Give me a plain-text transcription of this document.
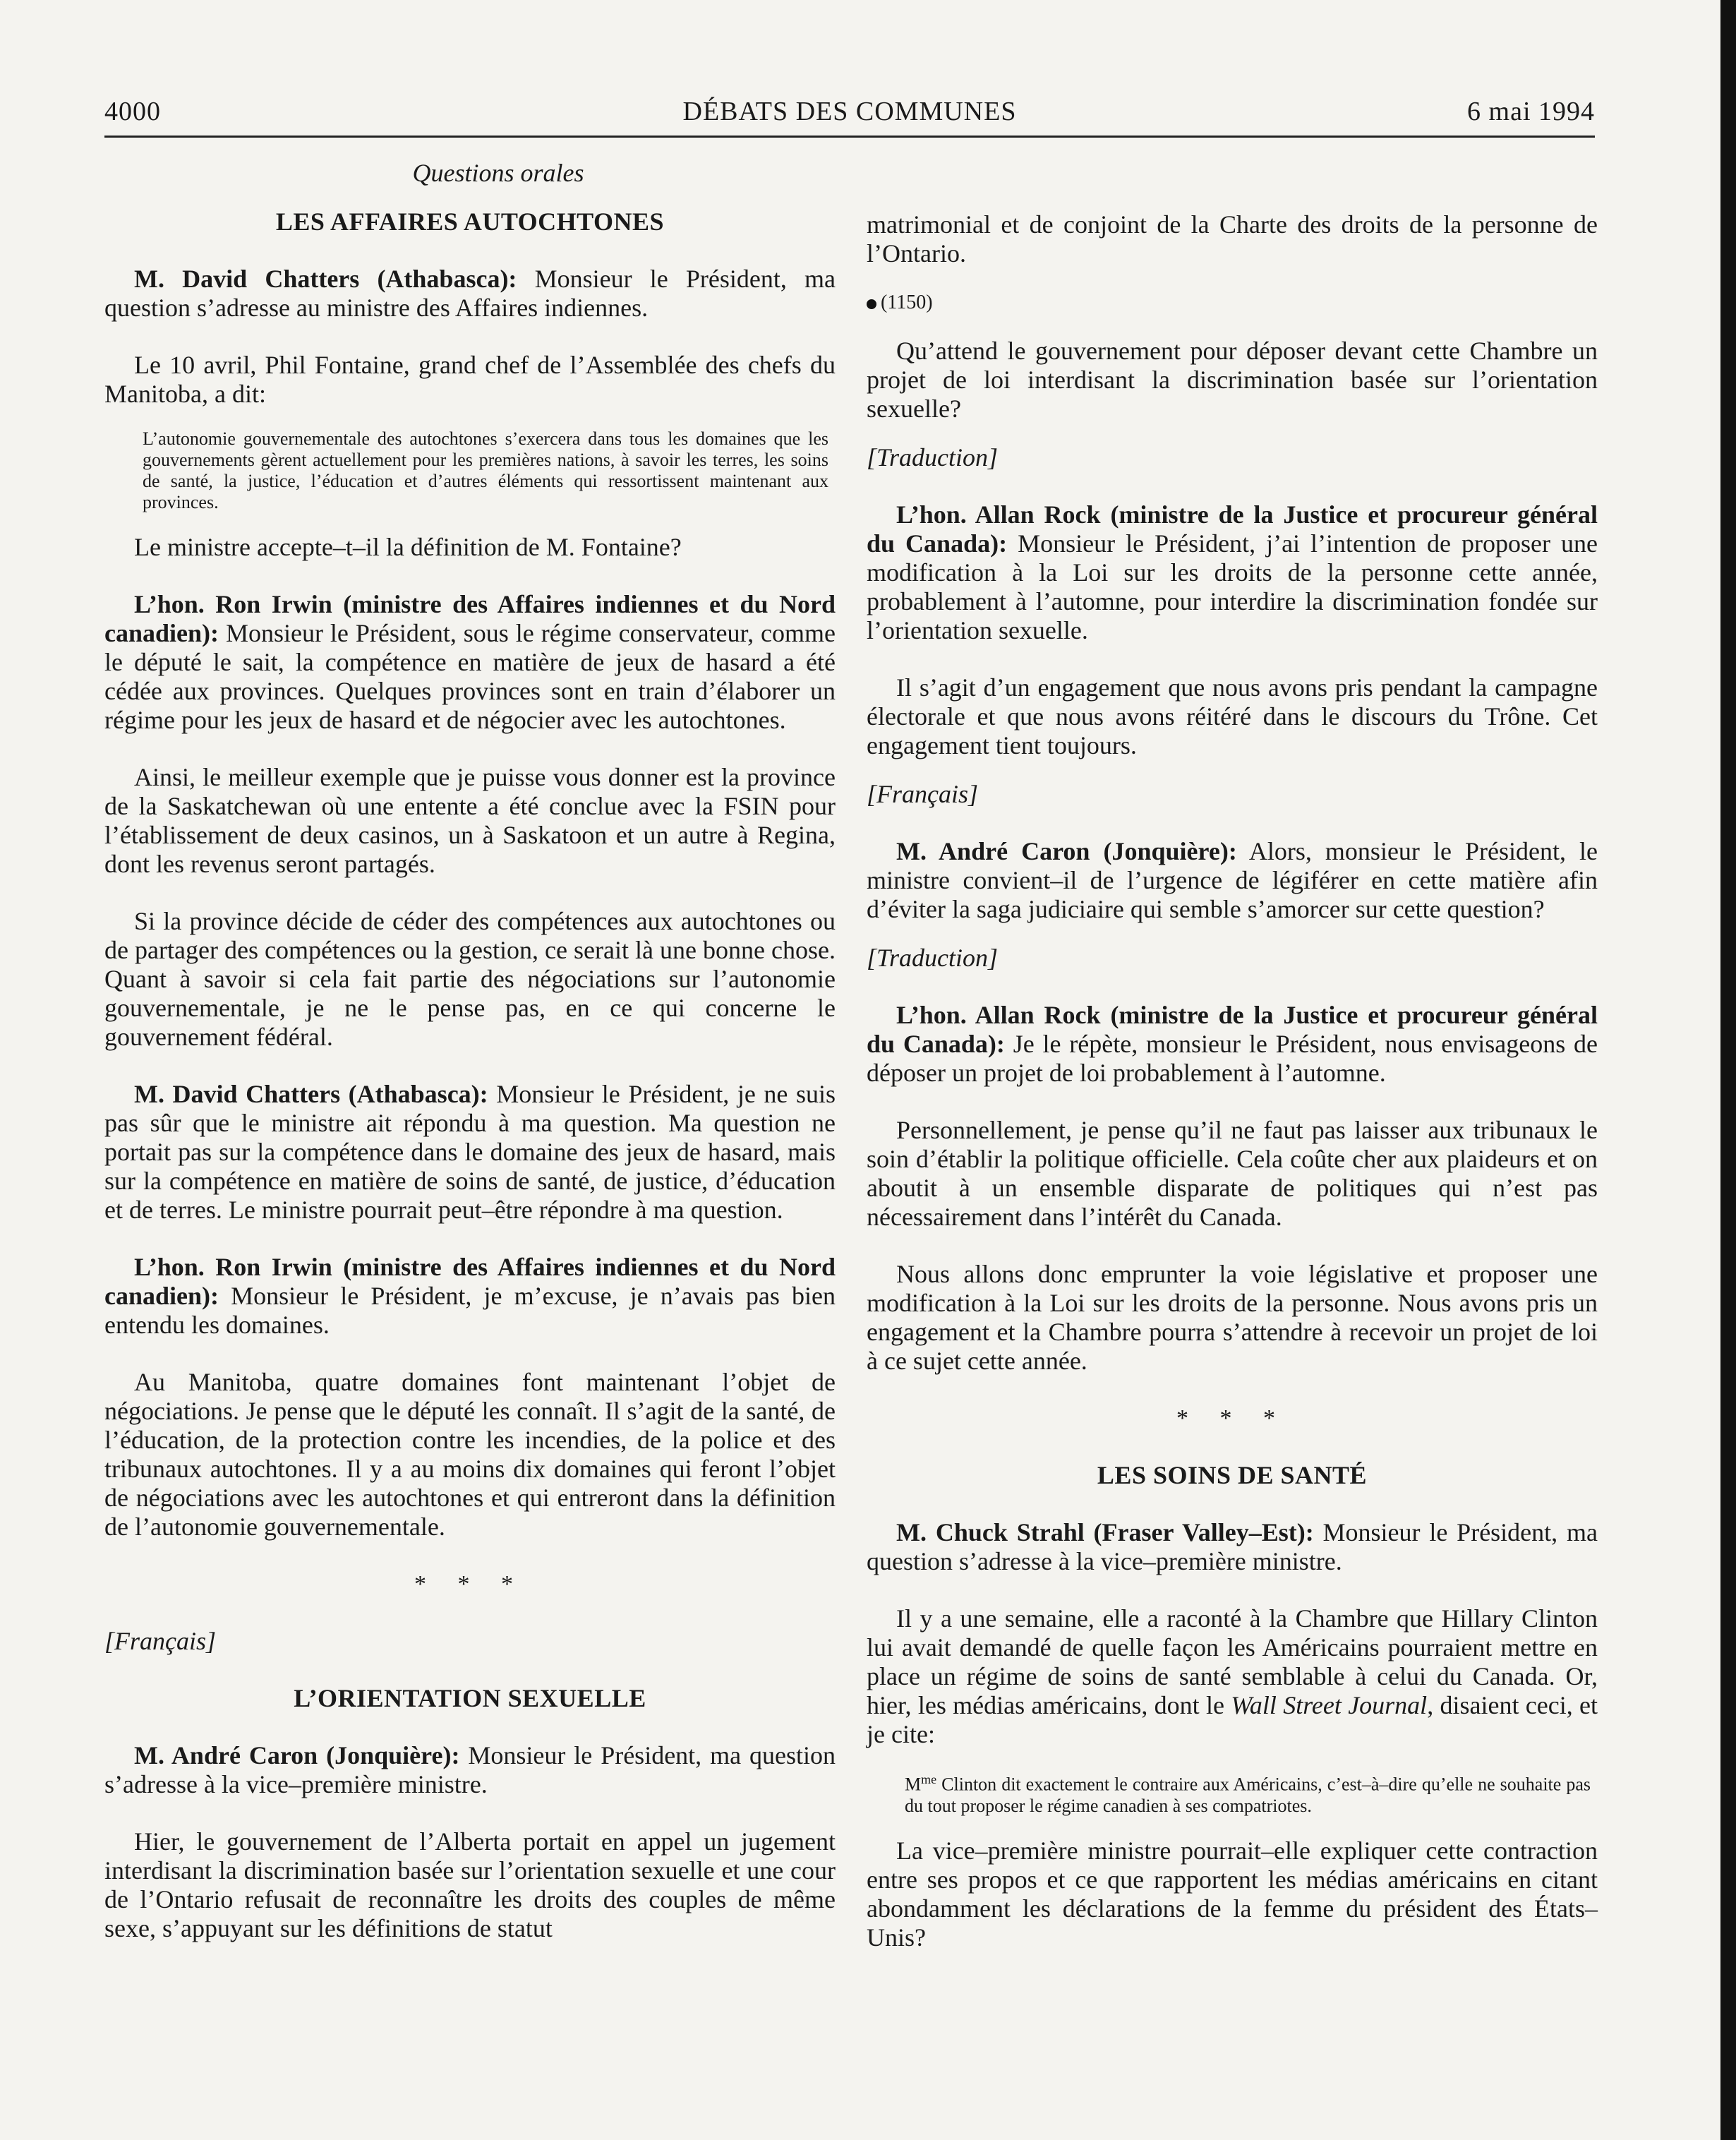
4000	DÉBATS DES COMMUNES	6 mai 1994

Questions orales

LES AFFAIRES AUTOCHTONES

M. David Chatters (Athabasca): Monsieur le Président, ma question s’adresse au ministre des Affaires indiennes.

Le 10 avril, Phil Fontaine, grand chef de l’Assemblée des chefs du Manitoba, a dit:

L’autonomie gouvernementale des autochtones s’exercera dans tous les domaines que les gouvernements gèrent actuellement pour les premières nations, à savoir les terres, les soins de santé, la justice, l’éducation et d’autres éléments qui ressortissent maintenant aux provinces.

Le ministre accepte–t–il la définition de M. Fontaine?

L’hon. Ron Irwin (ministre des Affaires indiennes et du Nord canadien): Monsieur le Président, sous le régime conservateur, comme le député le sait, la compétence en matière de jeux de hasard a été cédée aux provinces. Quelques provinces sont en train d’élaborer un régime pour les jeux de hasard et de négocier avec les autochtones.

Ainsi, le meilleur exemple que je puisse vous donner est la province de la Saskatchewan où une entente a été conclue avec la FSIN pour l’établissement de deux casinos, un à Saskatoon et un autre à Regina, dont les revenus seront partagés.

Si la province décide de céder des compétences aux autochtones ou de partager des compétences ou la gestion, ce serait là une bonne chose. Quant à savoir si cela fait partie des négociations sur l’autonomie gouvernementale, je ne le pense pas, en ce qui concerne le gouvernement fédéral.

M. David Chatters (Athabasca): Monsieur le Président, je ne suis pas sûr que le ministre ait répondu à ma question. Ma question ne portait pas sur la compétence dans le domaine des jeux de hasard, mais sur la compétence en matière de soins de santé, de justice, d’éducation et de terres. Le ministre pourrait peut–être répondre à ma question.

L’hon. Ron Irwin (ministre des Affaires indiennes et du Nord canadien): Monsieur le Président, je m’excuse, je n’avais pas bien entendu les domaines.

Au Manitoba, quatre domaines font maintenant l’objet de négociations. Je pense que le député les connaît. Il s’agit de la santé, de l’éducation, de la protection contre les incendies, de la police et des tribunaux autochtones. Il y a au moins dix domaines qui feront l’objet de négociations avec les autochtones et qui entreront dans la définition de l’autonomie gouvernementale.

* * *

[Français]

L’ORIENTATION SEXUELLE

M. André Caron (Jonquière): Monsieur le Président, ma question s’adresse à la vice–première ministre.

Hier, le gouvernement de l’Alberta portait en appel un jugement interdisant la discrimination basée sur l’orientation sexuelle et une cour de l’Ontario refusait de reconnaître les droits des couples de même sexe, s’appuyant sur les définitions de statut

matrimonial et de conjoint de la Charte des droits de la personne de l’Ontario.

(1150)

Qu’attend le gouvernement pour déposer devant cette Chambre un projet de loi interdisant la discrimination basée sur l’orientation sexuelle?

[Traduction]

L’hon. Allan Rock (ministre de la Justice et procureur général du Canada): Monsieur le Président, j’ai l’intention de proposer une modification à la Loi sur les droits de la personne cette année, probablement à l’automne, pour interdire la discrimination fondée sur l’orientation sexuelle.

Il s’agit d’un engagement que nous avons pris pendant la campagne électorale et que nous avons réitéré dans le discours du Trône. Cet engagement tient toujours.

[Français]

M. André Caron (Jonquière): Alors, monsieur le Président, le ministre convient–il de l’urgence de légiférer en cette matière afin d’éviter la saga judiciaire qui semble s’amorcer sur cette question?

[Traduction]

L’hon. Allan Rock (ministre de la Justice et procureur général du Canada): Je le répète, monsieur le Président, nous envisageons de déposer un projet de loi probablement à l’automne.

Personnellement, je pense qu’il ne faut pas laisser aux tribunaux le soin d’établir la politique officielle. Cela coûte cher aux plaideurs et on aboutit à un ensemble disparate de politiques qui n’est pas nécessairement dans l’intérêt du Canada.

Nous allons donc emprunter la voie législative et proposer une modification à la Loi sur les droits de la personne. Nous avons pris un engagement et la Chambre pourra s’attendre à recevoir un projet de loi à ce sujet cette année.

* * *

LES SOINS DE SANTÉ

M. Chuck Strahl (Fraser Valley–Est): Monsieur le Président, ma question s’adresse à la vice–première ministre.

Il y a une semaine, elle a raconté à la Chambre que Hillary Clinton lui avait demandé de quelle façon les Américains pourraient mettre en place un régime de soins de santé semblable à celui du Canada. Or, hier, les médias américains, dont le Wall Street Journal, disaient ceci, et je cite:

$M^{me}$ Clinton dit exactement le contraire aux Américains, c’est–à–dire qu’elle ne souhaite pas du tout proposer le régime canadien à ses compatriotes.

La vice–première ministre pourrait–elle expliquer cette contraction entre ses propos et ce que rapportent les médias américains en citant abondamment les déclarations de la femme du président des États–Unis?
